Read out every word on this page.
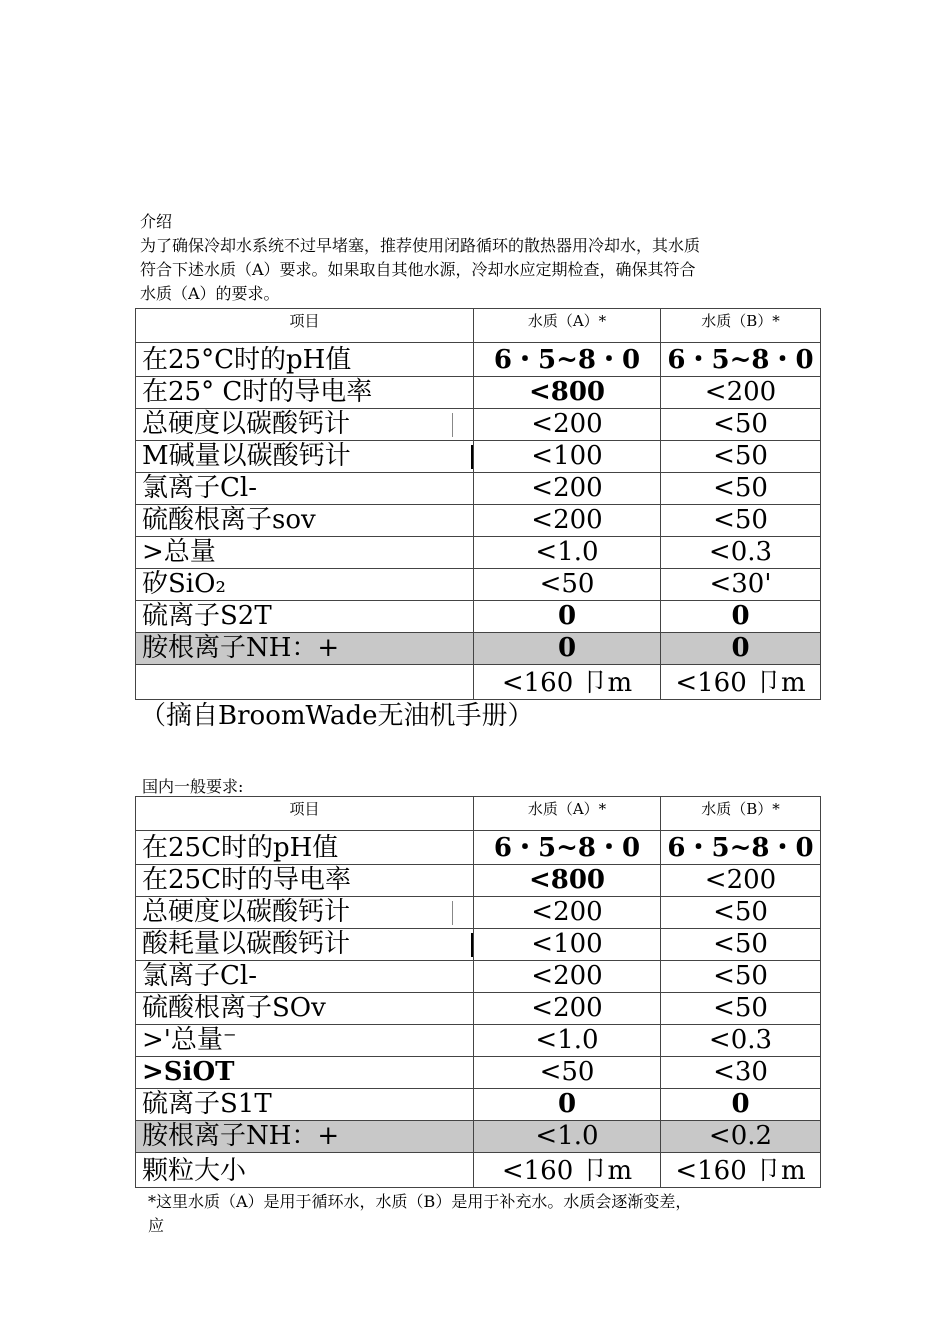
介绍

为了确保冷却水系统不过早堵塞，推荐使用闭路循环的散热器用冷却水，其水质

符合下述水质（A）要求。如果取自其他水源，冷却水应定期检查，确保其符合

水质（A）的要求。

项目	水质（A）*	水质（B）*
在25°C时的pH值	6・5~8・0	6・5~8・0
在25° C时的导电率	<800	<200
总硬度以碳酸钙计	<200	<50
M碱量以碳酸钙计	<100	<50
氯离子Cl-	<200	<50
硫酸根离子sov	<200	<50
>总量	<1.0	<0.3
矽SiO₂	<50	<30'
硫离子S2T	0	0
胺根离子NH：+	0	0
	<160 卩m	<160 卩m
（摘自BroomWade无油机手册）
国内一般要求:
项目	水质（A）*	水质（B）*
在25C时的pH值	6・5~8・0	6・5~8・0
在25C时的导电率	<800	<200
总硬度以碳酸钙计	<200	<50
酸耗量以碳酸钙计	<100	<50
氯离子Cl-	<200	<50
硫酸根离子SOv	<200	<50
>'总量⁻	<1.0	<0.3
>SiOT	<50	<30
硫离子S1T	0	0
胺根离子NH：+	<1.0	<0.2
颗粒大小	<160 卩m	<160 卩m
*这里水质（A）是用于循环水，水质（B）是用于补充水。水质会逐渐变差，
应
